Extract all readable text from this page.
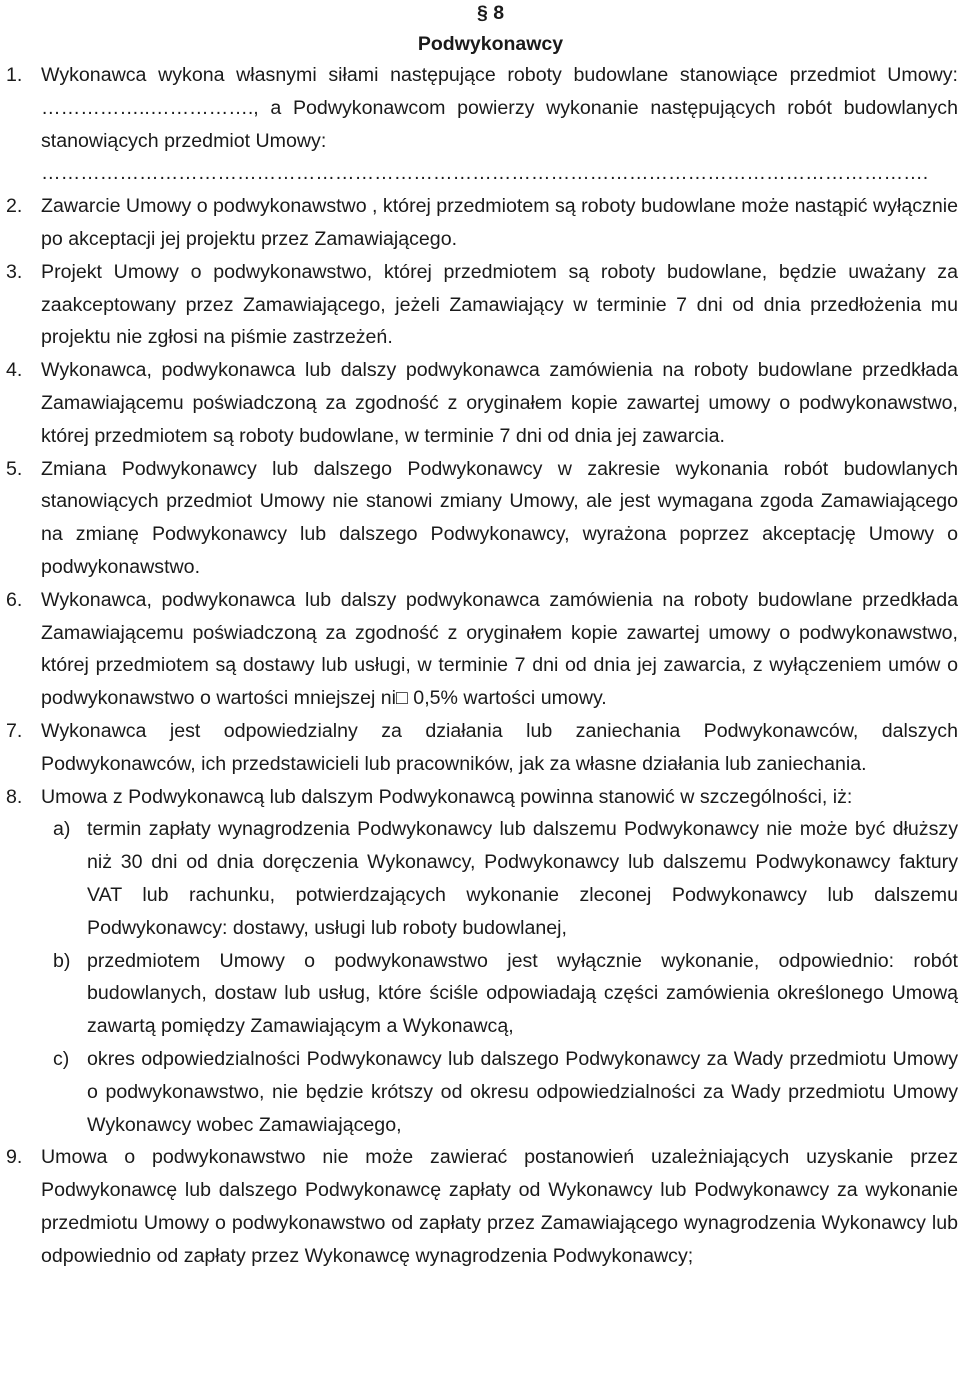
§ 8
Podwykonawcy
1. Wykonawca wykona własnymi siłami następujące roboty budowlane stanowiące przedmiot Umowy: ……………..……………., a Podwykonawcom powierzy wykonanie następujących robót budowlanych stanowiących przedmiot Umowy:
……………………………………………………………………………………………………………………….
2. Zawarcie Umowy o podwykonawstwo , której przedmiotem są roboty budowlane może nastąpić wyłącznie po akceptacji jej projektu przez Zamawiającego.
3. Projekt Umowy o podwykonawstwo, której przedmiotem są roboty budowlane, będzie uważany za zaakceptowany przez Zamawiającego, jeżeli Zamawiający w terminie 7 dni od dnia przedłożenia mu projektu nie zgłosi na piśmie zastrzeżeń.
4. Wykonawca, podwykonawca lub dalszy podwykonawca zamówienia na roboty budowlane przedkłada Zamawiającemu poświadczoną za zgodność z oryginałem kopie zawartej umowy o podwykonawstwo, której przedmiotem są roboty budowlane, w terminie 7 dni od dnia jej zawarcia.
5. Zmiana Podwykonawcy lub dalszego Podwykonawcy w zakresie wykonania robót budowlanych stanowiących przedmiot Umowy nie stanowi zmiany Umowy, ale jest wymagana zgoda Zamawiającego na zmianę Podwykonawcy lub dalszego Podwykonawcy, wyrażona poprzez akceptację Umowy o podwykonawstwo.
6. Wykonawca, podwykonawca lub dalszy podwykonawca zamówienia na roboty budowlane przedkłada Zamawiającemu poświadczoną za zgodność z oryginałem kopie zawartej umowy o podwykonawstwo, której przedmiotem są dostawy lub usługi, w terminie 7 dni od dnia jej zawarcia, z wyłączeniem umów o podwykonawstwo o wartości mniejszej ni□ 0,5% wartości umowy.
7. Wykonawca jest odpowiedzialny za działania lub zaniechania Podwykonawców, dalszych Podwykonawców, ich przedstawicieli lub pracowników, jak za własne działania lub zaniechania.
8. Umowa z Podwykonawcą lub dalszym Podwykonawcą powinna stanowić w szczególności, iż:
a) termin zapłaty wynagrodzenia Podwykonawcy lub dalszemu Podwykonawcy nie może być dłuższy niż 30 dni od dnia doręczenia Wykonawcy, Podwykonawcy lub dalszemu Podwykonawcy faktury VAT lub rachunku, potwierdzających wykonanie zleconej Podwykonawcy lub dalszemu Podwykonawcy: dostawy, usługi lub roboty budowlanej,
b) przedmiotem Umowy o podwykonawstwo jest wyłącznie wykonanie, odpowiednio: robót budowlanych, dostaw lub usług, które ściśle odpowiadają części zamówienia określonego Umową zawartą pomiędzy Zamawiającym a Wykonawcą,
c) okres odpowiedzialności Podwykonawcy lub dalszego Podwykonawcy za Wady przedmiotu Umowy o podwykonawstwo, nie będzie krótszy od okresu odpowiedzialności za Wady przedmiotu Umowy Wykonawcy wobec Zamawiającego,
9. Umowa o podwykonawstwo nie może zawierać postanowień uzależniających uzyskanie przez Podwykonawcę lub dalszego Podwykonawcę zapłaty od Wykonawcy lub Podwykonawcy za wykonanie przedmiotu Umowy o podwykonawstwo od zapłaty przez Zamawiającego wynagrodzenia Wykonawcy lub odpowiednio od zapłaty przez Wykonawcę wynagrodzenia Podwykonawcy;
